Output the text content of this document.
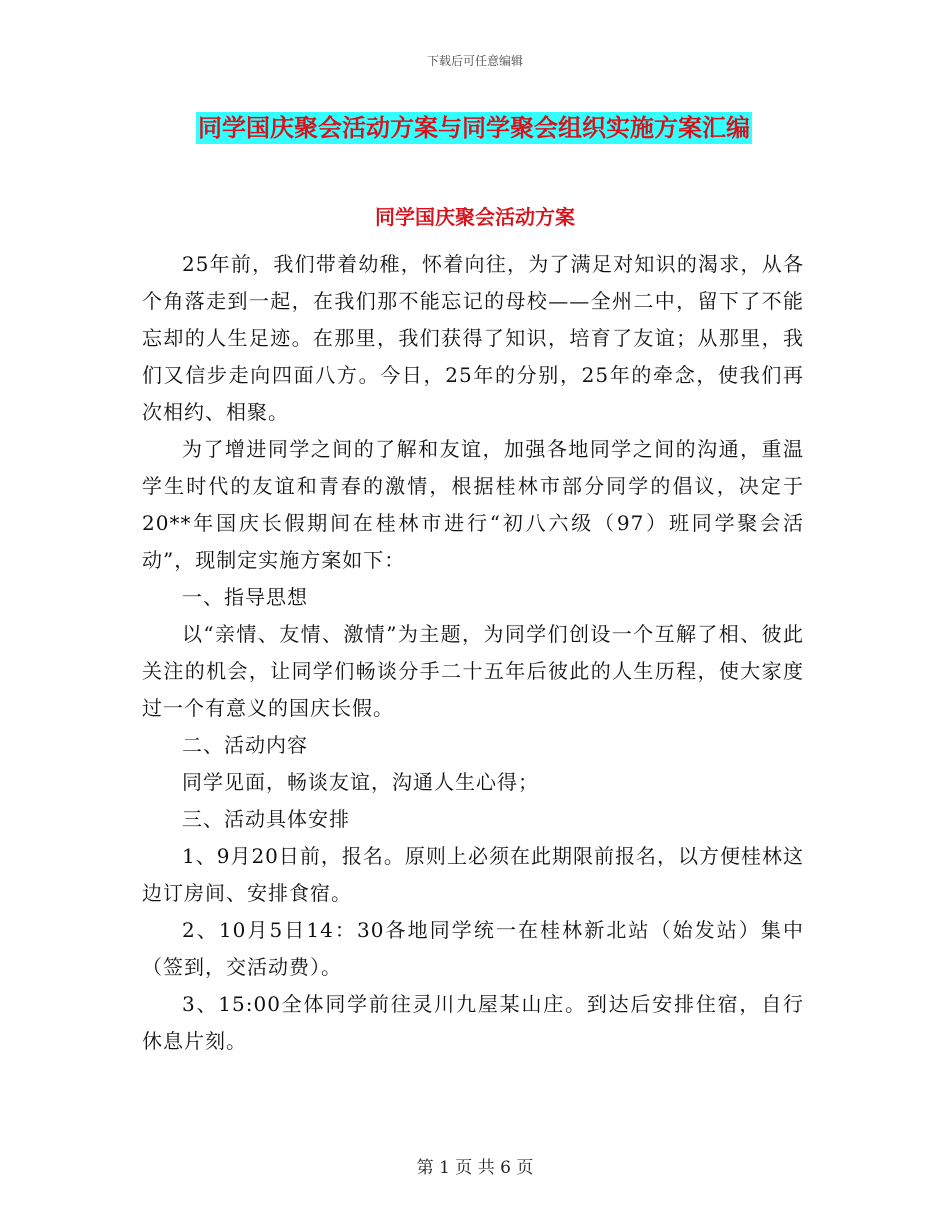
下载后可任意编辑
同学国庆聚会活动方案与同学聚会组织实施方案汇编
同学国庆聚会活动方案

25年前，我们带着幼稚，怀着向往，为了满足对知识的渴求，从各个角落走到一起，在我们那不能忘记的母校——全州二中，留下了不能忘却的人生足迹。在那里，我们获得了知识，培育了友谊；从那里，我们又信步走向四面八方。今日，25年的分别，25年的牵念，使我们再次相约、相聚。

为了增进同学之间的了解和友谊，加强各地同学之间的沟通，重温学生时代的友谊和青春的激情，根据桂林市部分同学的倡议，决定于20**年国庆长假期间在桂林市进行“初八六级（97）班同学聚会活动”，现制定实施方案如下：

一、指导思想

以“亲情、友情、激情”为主题，为同学们创设一个互解了相、彼此关注的机会，让同学们畅谈分手二十五年后彼此的人生历程，使大家度过一个有意义的国庆长假。

二、活动内容

同学见面，畅谈友谊，沟通人生心得；

三、活动具体安排

1、9月20日前，报名。原则上必须在此期限前报名，以方便桂林这边订房间、安排食宿。

2、10月5日14：30各地同学统一在桂林新北站（始发站）集中（签到，交活动费）。

3、15:00全体同学前往灵川九屋某山庄。到达后安排住宿，自行休息片刻。

第 1 页 共 6 页
